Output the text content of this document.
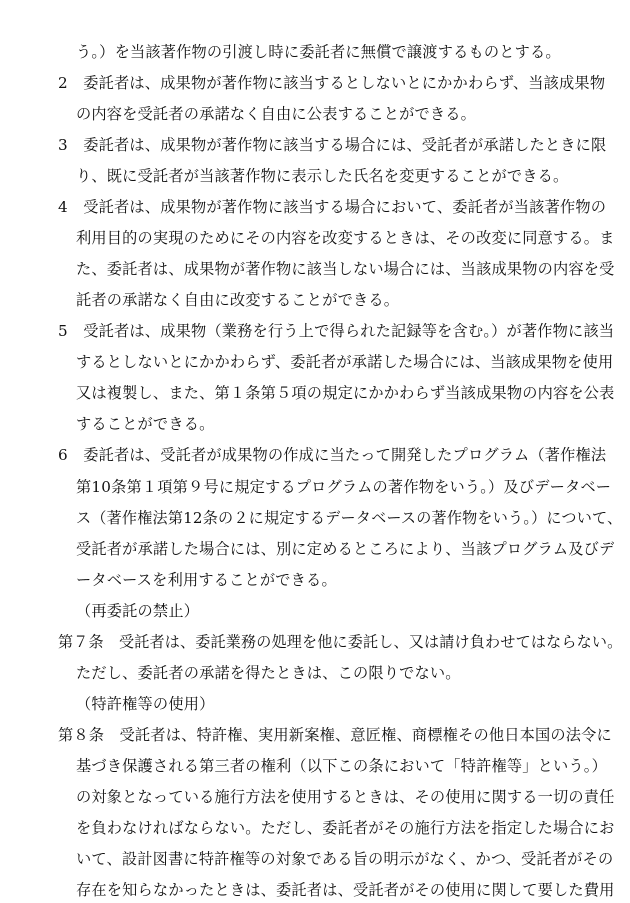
う。）を当該著作物の引渡し時に委託者に無償で譲渡するものとする。
2　委託者は、成果物が著作物に該当するとしないとにかかわらず、当該成果物
の内容を受託者の承諾なく自由に公表することができる。
3　委託者は、成果物が著作物に該当する場合には、受託者が承諾したときに限
り、既に受託者が当該著作物に表示した氏名を変更することができる。
4　受託者は、成果物が著作物に該当する場合において、委託者が当該著作物の
利用目的の実現のためにその内容を改変するときは、その改変に同意する。ま
た、委託者は、成果物が著作物に該当しない場合には、当該成果物の内容を受
託者の承諾なく自由に改変することができる。
5　受託者は、成果物（業務を行う上で得られた記録等を含む。）が著作物に該当
するとしないとにかかわらず、委託者が承諾した場合には、当該成果物を使用
又は複製し、また、第１条第５項の規定にかかわらず当該成果物の内容を公表
することができる。
6　委託者は、受託者が成果物の作成に当たって開発したプログラム（著作権法
第10条第１項第９号に規定するプログラムの著作物をいう。）及びデータベー
ス（著作権法第12条の２に規定するデータベースの著作物をいう。）について、
受託者が承諾した場合には、別に定めるところにより、当該プログラム及びデ
ータベースを利用することができる。
（再委託の禁止）
第７条　受託者は、委託業務の処理を他に委託し、又は請け負わせてはならない。
ただし、委託者の承諾を得たときは、この限りでない。
（特許権等の使用）
第８条　受託者は、特許権、実用新案権、意匠権、商標権その他日本国の法令に
基づき保護される第三者の権利（以下この条において「特許権等」という。）
の対象となっている施行方法を使用するときは、その使用に関する一切の責任
を負わなければならない。ただし、委託者がその施行方法を指定した場合にお
いて、設計図書に特許権等の対象である旨の明示がなく、かつ、受託者がその
存在を知らなかったときは、委託者は、受託者がその使用に関して要した費用
